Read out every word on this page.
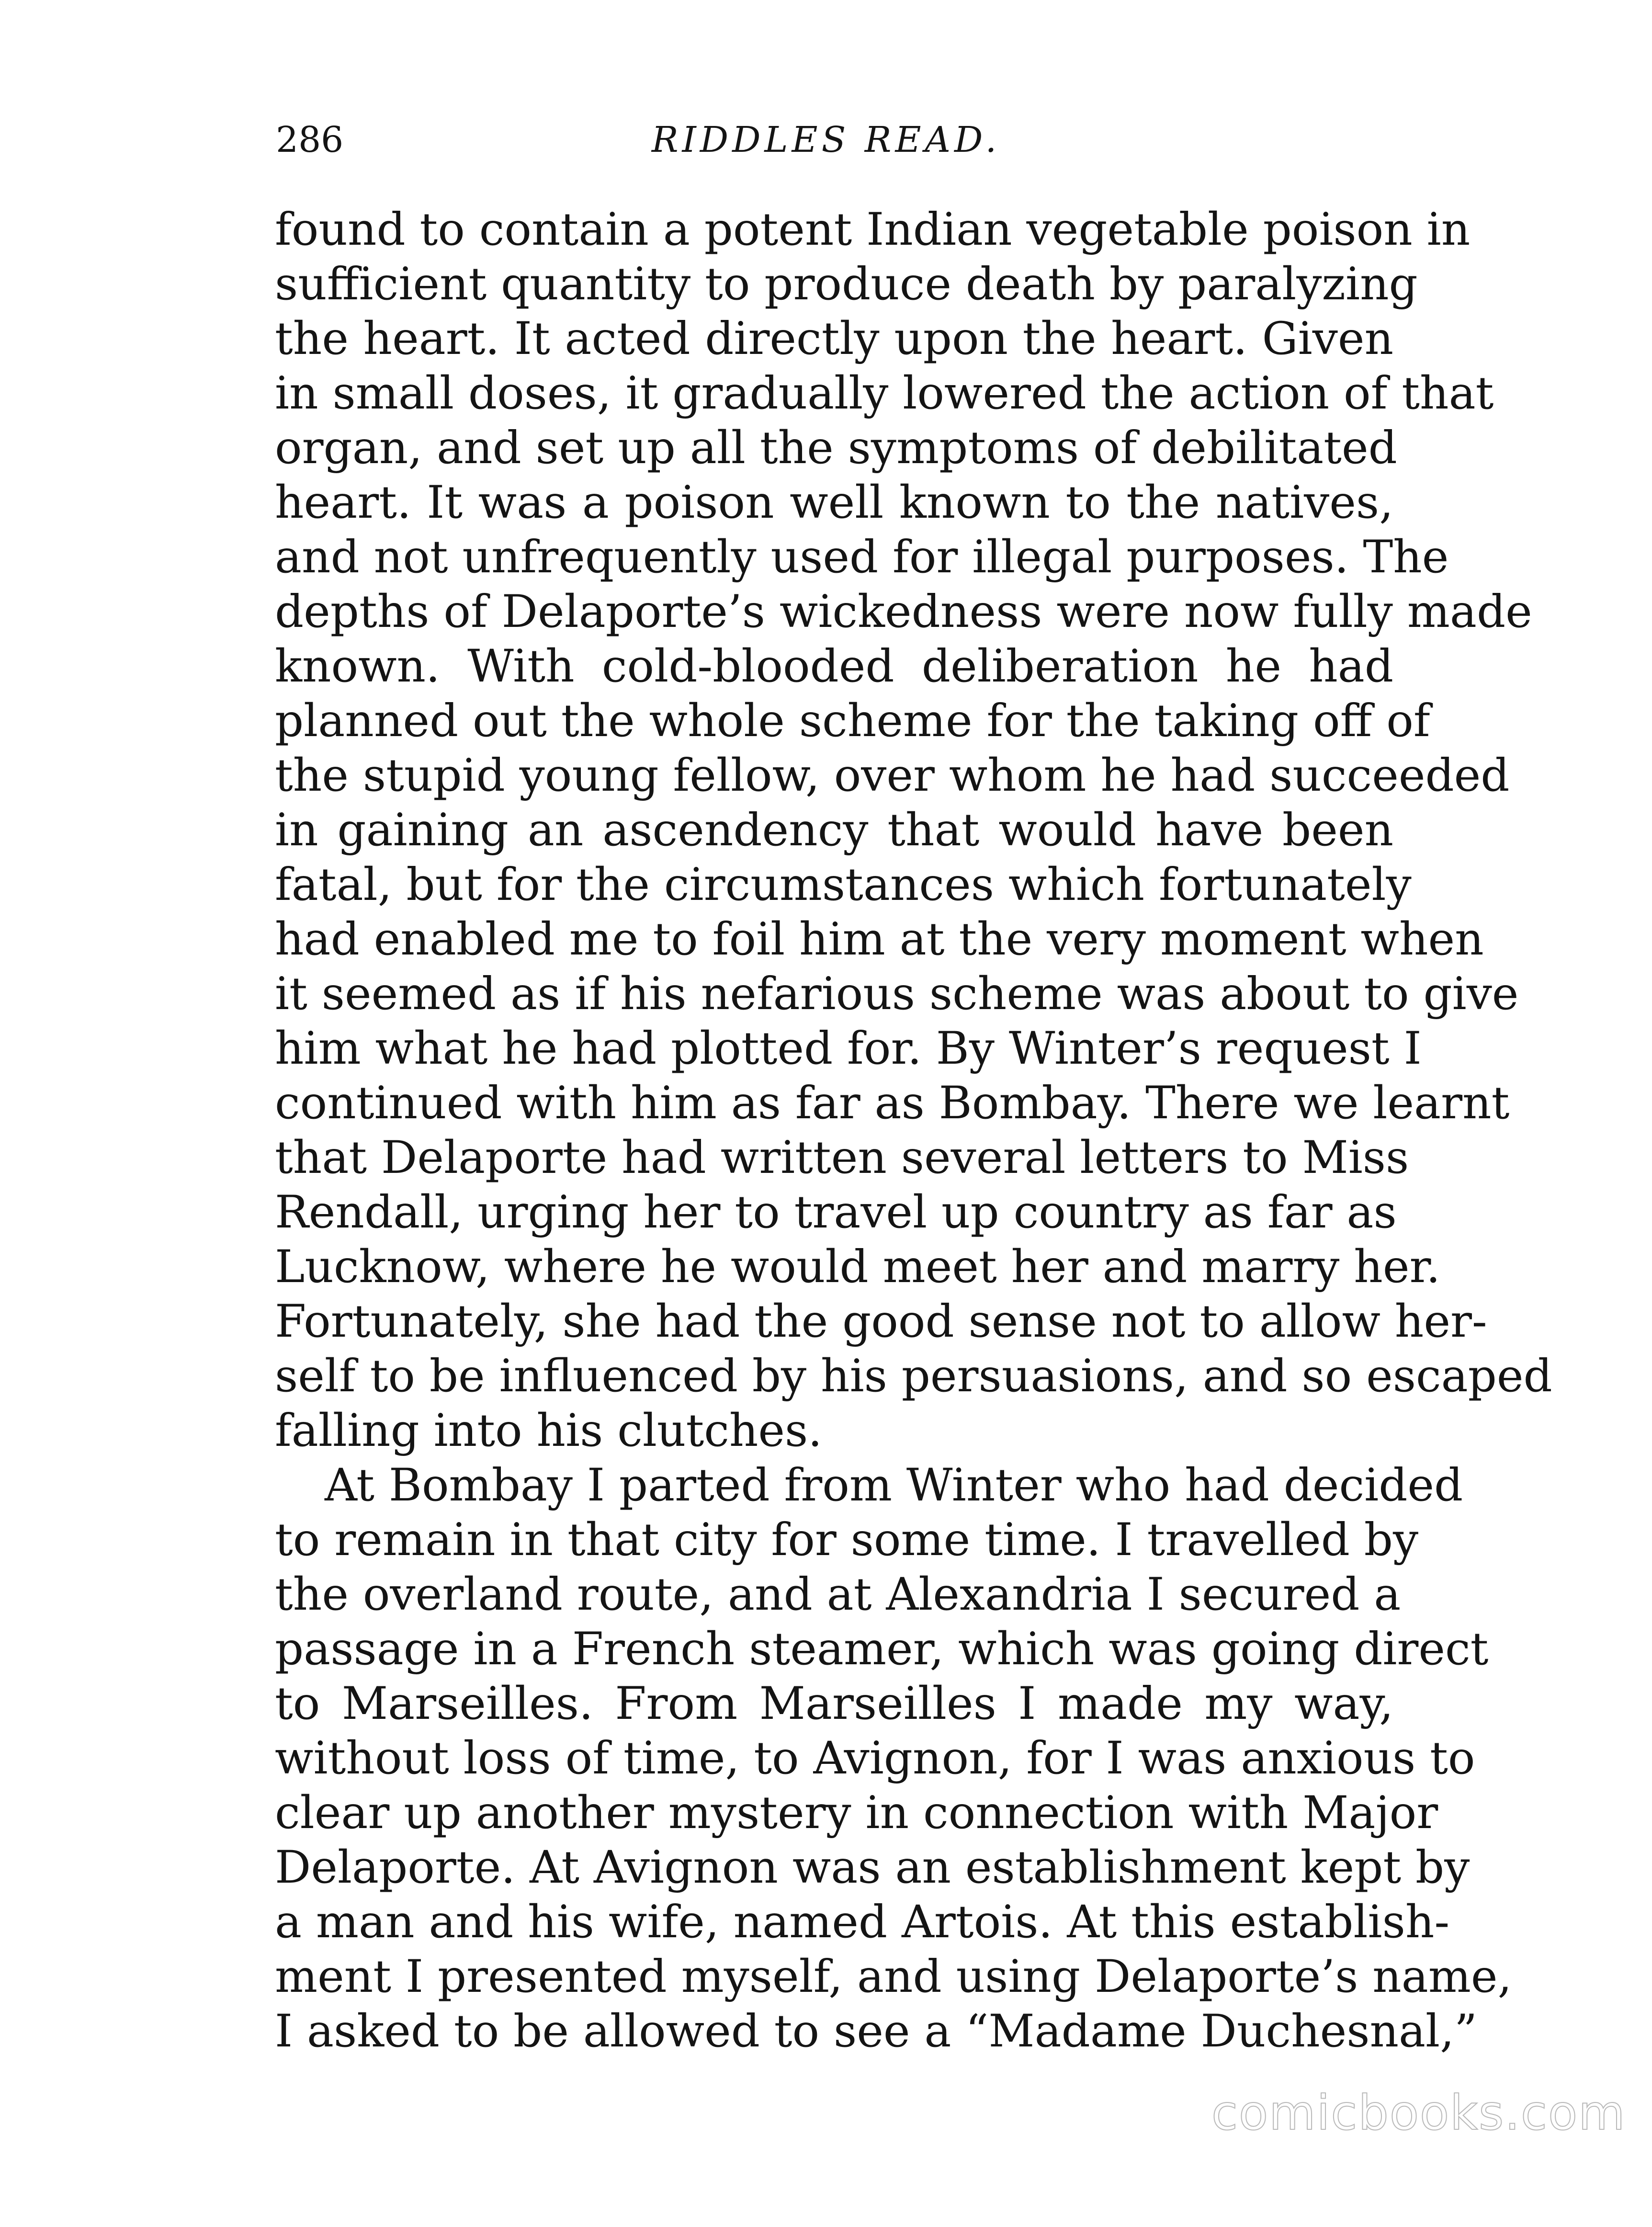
286	RIDDLES READ.
found to contain a potent Indian vegetable poison in
sufficient quantity to produce death by paralyzing
the heart. It acted directly upon the heart. Given
in small doses, it gradually lowered the action of that
organ, and set up all the symptoms of debilitated
heart. It was a poison well known to the natives,
and not unfrequently used for illegal purposes. The
depths of Delaporte’s wickedness were now fully made
known. With cold-blooded deliberation he had
planned out the whole scheme for the taking off of
the stupid young fellow, over whom he had succeeded
in gaining an ascendency that would have been
fatal, but for the circumstances which fortunately
had enabled me to foil him at the very moment when
it seemed as if his nefarious scheme was about to give
him what he had plotted for. By Winter’s request I
continued with him as far as Bombay. There we learnt
that Delaporte had written several letters to Miss
Rendall, urging her to travel up country as far as
Lucknow, where he would meet her and marry her.
Fortunately, she had the good sense not to allow her-
self to be influenced by his persuasions, and so escaped
falling into his clutches.
At Bombay I parted from Winter who had decided
to remain in that city for some time. I travelled by
the overland route, and at Alexandria I secured a
passage in a French steamer, which was going direct
to Marseilles. From Marseilles I made my way,
without loss of time, to Avignon, for I was anxious to
clear up another mystery in connection with Major
Delaporte. At Avignon was an establishment kept by
a man and his wife, named Artois. At this establish-
ment I presented myself, and using Delaporte’s name,
I asked to be allowed to see a “Madame Duchesnal,”
comicbooks.com
